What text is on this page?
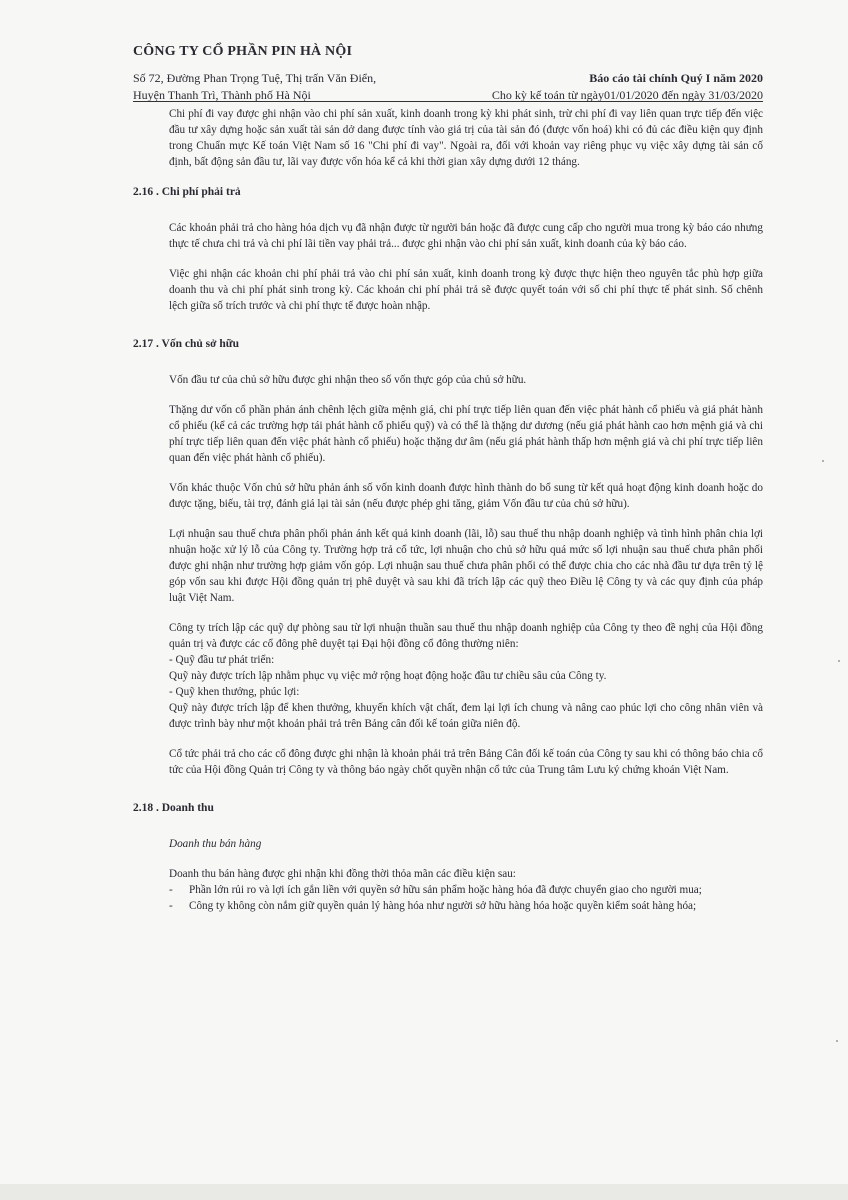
CÔNG TY CỔ PHẦN PIN HÀ NỘI
Số 72, Đường Phan Trọng Tuệ, Thị trấn Văn Điển,
Huyện Thanh Trì, Thành phố Hà Nội
Báo cáo tài chính Quý I năm 2020
Cho kỳ kế toán từ ngày01/01/2020 đến ngày 31/03/2020

Chi phí đi vay được ghi nhận vào chi phí sản xuất, kinh doanh trong kỳ khi phát sinh, trừ chi phí đi vay liên quan trực tiếp đến việc đầu tư xây dựng hoặc sản xuất tài sản dở dang được tính vào giá trị của tài sản đó (được vốn hoá) khi có đủ các điều kiện quy định trong Chuẩn mực Kế toán Việt Nam số 16 "Chi phí đi vay". Ngoài ra, đối với khoản vay riêng phục vụ việc xây dựng tài sản cố định, bất động sản đầu tư, lãi vay được vốn hóa kể cả khi thời gian xây dựng dưới 12 tháng.

2.16 . Chi phí phải trả

Các khoản phải trả cho hàng hóa dịch vụ đã nhận được từ người bán hoặc đã được cung cấp cho người mua trong kỳ báo cáo nhưng thực tế chưa chi trả và chi phí lãi tiền vay phải trả... được ghi nhận vào chi phí sản xuất, kinh doanh của kỳ báo cáo.

Việc ghi nhận các khoản chi phí phải trả vào chi phí sản xuất, kinh doanh trong kỳ được thực hiện theo nguyên tắc phù hợp giữa doanh thu và chi phí phát sinh trong kỳ. Các khoản chi phí phải trả sẽ được quyết toán với số chi phí thực tế phát sinh. Số chênh lệch giữa số trích trước và chi phí thực tế được hoàn nhập.

2.17 . Vốn chủ sở hữu

Vốn đầu tư của chủ sở hữu được ghi nhận theo số vốn thực góp của chủ sở hữu.

Thặng dư vốn cổ phần phản ánh chênh lệch giữa mệnh giá, chi phí trực tiếp liên quan đến việc phát hành cổ phiếu và giá phát hành cổ phiếu (kể cả các trường hợp tái phát hành cổ phiếu quỹ) và có thể là thặng dư dương (nếu giá phát hành cao hơn mệnh giá và chi phí trực tiếp liên quan đến việc phát hành cổ phiếu) hoặc thặng dư âm (nếu giá phát hành thấp hơn mệnh giá và chi phí trực tiếp liên quan đến việc phát hành cổ phiếu).

Vốn khác thuộc Vốn chủ sở hữu phản ánh số vốn kinh doanh được hình thành do bổ sung từ kết quả hoạt động kinh doanh hoặc do được tặng, biếu, tài trợ, đánh giá lại tài sản (nếu được phép ghi tăng, giảm Vốn đầu tư của chủ sở hữu).

Lợi nhuận sau thuế chưa phân phối phản ánh kết quả kinh doanh (lãi, lỗ) sau thuế thu nhập doanh nghiệp và tình hình phân chia lợi nhuận hoặc xử lý lỗ của Công ty. Trường hợp trả cổ tức, lợi nhuận cho chủ sở hữu quá mức số lợi nhuận sau thuế chưa phân phối được ghi nhận như trường hợp giảm vốn góp. Lợi nhuận sau thuế chưa phân phối có thể được chia cho các nhà đầu tư dựa trên tỷ lệ góp vốn sau khi được Hội đồng quản trị phê duyệt và sau khi đã trích lập các quỹ theo Điều lệ Công ty và các quy định của pháp luật Việt Nam.

Công ty trích lập các quỹ dự phòng sau từ lợi nhuận thuần sau thuế thu nhập doanh nghiệp của Công ty theo đề nghị của Hội đồng quản trị và được các cổ đông phê duyệt tại Đại hội đồng cổ đông thường niên:

- Quỹ đầu tư phát triển:

Quỹ này được trích lập nhằm phục vụ việc mở rộng hoạt động hoặc đầu tư chiều sâu của Công ty.

- Quỹ khen thưởng, phúc lợi:

Quỹ này được trích lập để khen thưởng, khuyến khích vật chất, đem lại lợi ích chung và nâng cao phúc lợi cho công nhân viên và được trình bày như một khoản phải trả trên Bảng cân đối kế toán giữa niên độ.

Cổ tức phải trả cho các cổ đông được ghi nhận là khoản phải trả trên Bảng Cân đối kế toán của Công ty sau khi có thông báo chia cổ tức của Hội đồng Quản trị Công ty và thông báo ngày chốt quyền nhận cổ tức của Trung tâm Lưu ký chứng khoán Việt Nam.

2.18 . Doanh thu
Doanh thu bán hàng

Doanh thu bán hàng được ghi nhận khi đồng thời thỏa mãn các điều kiện sau:

-	Phần lớn rủi ro và lợi ích gắn liền với quyền sở hữu sản phẩm hoặc hàng hóa đã được chuyển giao cho người mua;
-	Công ty không còn nắm giữ quyền quản lý hàng hóa như người sở hữu hàng hóa hoặc quyền kiểm soát hàng hóa;
